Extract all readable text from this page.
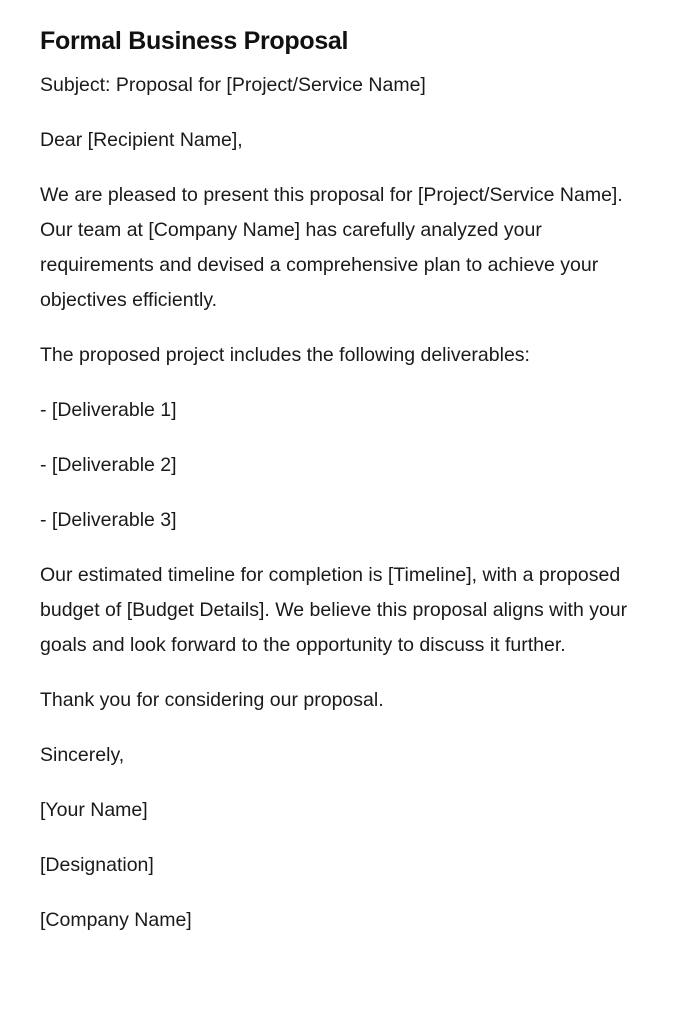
Formal Business Proposal

Subject: Proposal for [Project/Service Name]

Dear [Recipient Name],

We are pleased to present this proposal for [Project/Service Name]. Our team at [Company Name] has carefully analyzed your requirements and devised a comprehensive plan to achieve your objectives efficiently.

The proposed project includes the following deliverables:

- [Deliverable 1]

- [Deliverable 2]

- [Deliverable 3]

Our estimated timeline for completion is [Timeline], with a proposed budget of [Budget Details]. We believe this proposal aligns with your goals and look forward to the opportunity to discuss it further.

Thank you for considering our proposal.

Sincerely,

[Your Name]

[Designation]

[Company Name]
